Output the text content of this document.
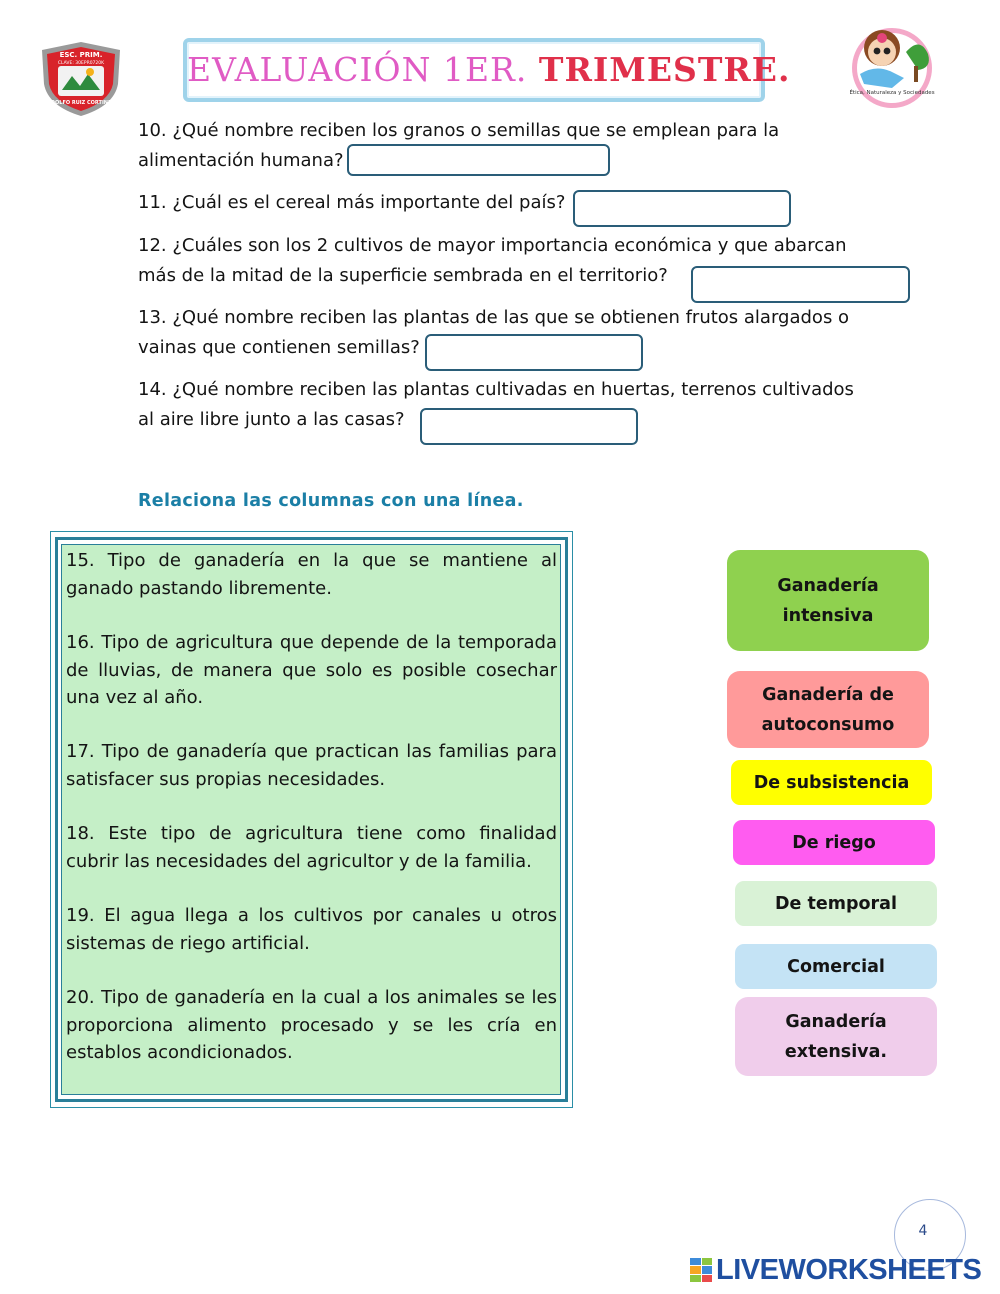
ESC. PRIM.
CLAVE: 30EPR0720K
ADOLFO RUIZ CORTINES
EVALUACIÓN 1ER. TRIMESTRE.
Ética, Naturaleza y Sociedades
10. ¿Qué nombre reciben los granos o semillas que se emplean para la
alimentación humana?
11. ¿Cuál es el cereal más importante del país?
12. ¿Cuáles son los 2 cultivos de mayor importancia económica y que abarcan
más de la mitad de la superficie sembrada en el territorio?
13. ¿Qué nombre reciben las plantas de las que se obtienen frutos alargados o
vainas que contienen semillas?
14. ¿Qué nombre reciben las plantas cultivadas en huertas, terrenos cultivados
al aire libre junto a las casas?
Relaciona las columnas con una línea.
15. Tipo de ganadería en la que se mantiene al ganado pastando libremente.
16. Tipo de agricultura que depende de la temporada de lluvias, de manera que solo es posible cosechar una vez al año.
17. Tipo de ganadería que practican las familias para satisfacer sus propias necesidades.
18. Este tipo de agricultura tiene como finalidad cubrir las necesidades del agricultor y de la familia.
19. El agua llega a los cultivos por canales u otros sistemas de riego artificial.
20. Tipo de ganadería en la cual a los animales se les proporciona alimento procesado y se les cría en establos acondicionados.
Ganadería intensiva
Ganadería de autoconsumo
De subsistencia
De riego
De temporal
Comercial
Ganadería extensiva.
4
LIVEWORKSHEETS
